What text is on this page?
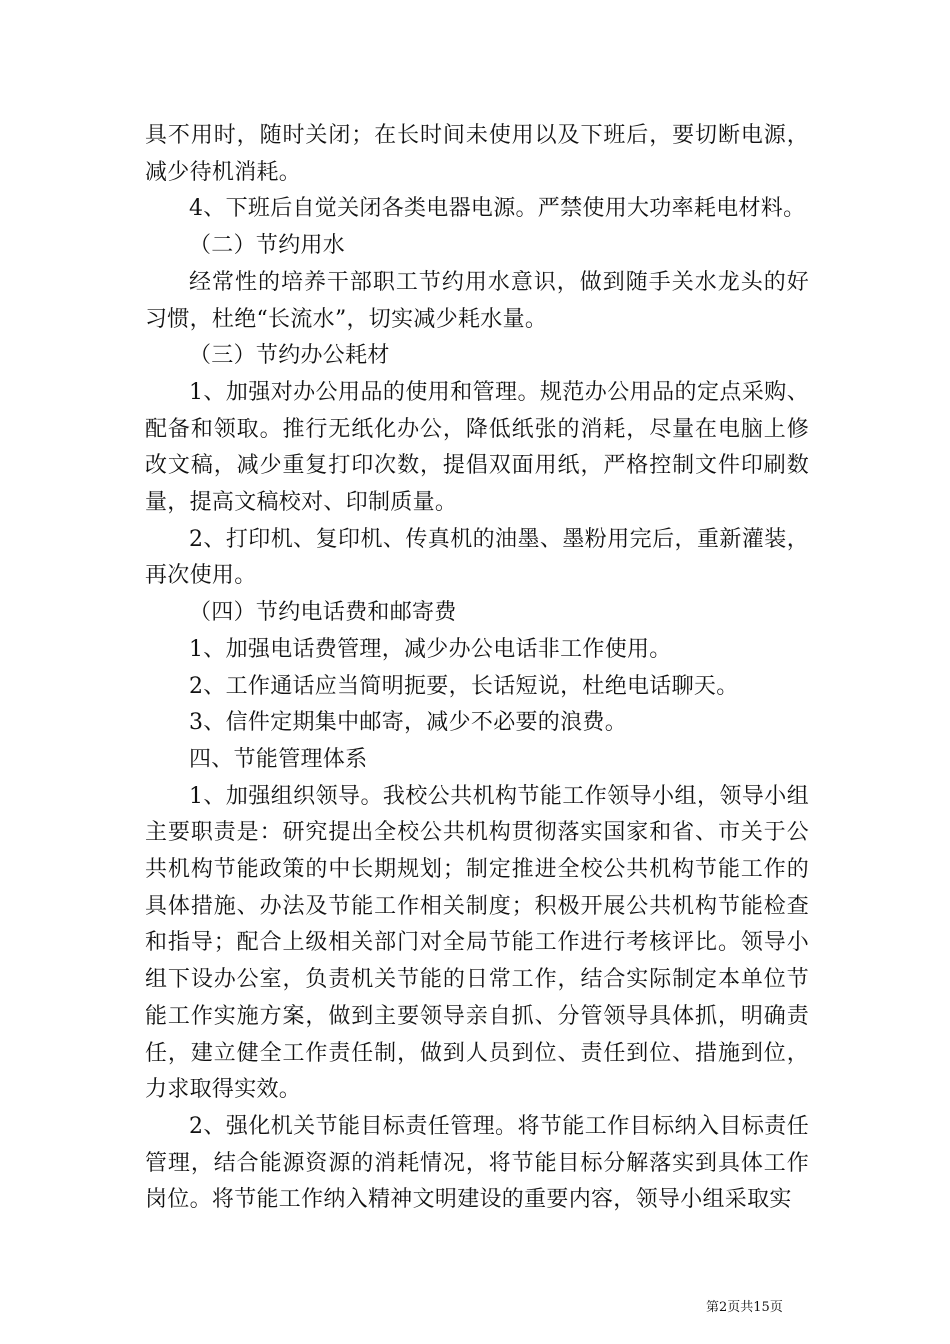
具不用时，随时关闭；在长时间未使用以及下班后，要切断电源，减少待机消耗。

4、下班后自觉关闭各类电器电源。严禁使用大功率耗电材料。

（二）节约用水

经常性的培养干部职工节约用水意识，做到随手关水龙头的好习惯，杜绝“长流水”，切实减少耗水量。

（三）节约办公耗材

1、加强对办公用品的使用和管理。规范办公用品的定点采购、配备和领取。推行无纸化办公，降低纸张的消耗，尽量在电脑上修改文稿，减少重复打印次数，提倡双面用纸，严格控制文件印刷数量，提高文稿校对、印制质量。

2、打印机、复印机、传真机的油墨、墨粉用完后，重新灌装，再次使用。

（四）节约电话费和邮寄费

1、加强电话费管理，减少办公电话非工作使用。

2、工作通话应当简明扼要，长话短说，杜绝电话聊天。

3、信件定期集中邮寄，减少不必要的浪费。

四、节能管理体系

1、加强组织领导。我校公共机构节能工作领导小组，领导小组主要职责是：研究提出全校公共机构贯彻落实国家和省、市关于公共机构节能政策的中长期规划；制定推进全校公共机构节能工作的具体措施、办法及节能工作相关制度；积极开展公共机构节能检查和指导；配合上级相关部门对全局节能工作进行考核评比。领导小组下设办公室，负责机关节能的日常工作，结合实际制定本单位节能工作实施方案，做到主要领导亲自抓、分管领导具体抓，明确责任，建立健全工作责任制，做到人员到位、责任到位、措施到位，力求取得实效。

2、强化机关节能目标责任管理。将节能工作目标纳入目标责任管理，结合能源资源的消耗情况，将节能目标分解落实到具体工作岗位。将节能工作纳入精神文明建设的重要内容，领导小组采取实

第2页共15页
